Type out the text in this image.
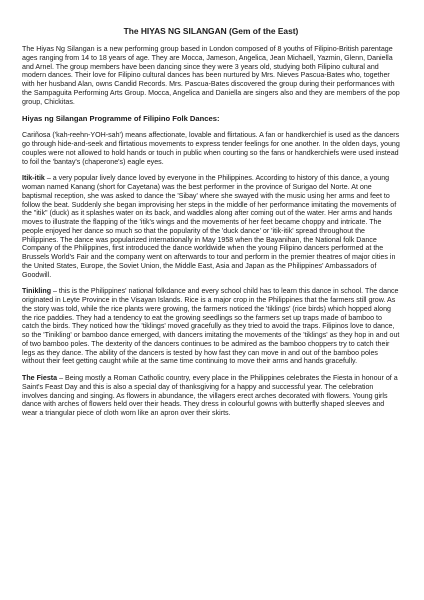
The HIYAS NG SILANGAN (Gem of the East)

The Hiyas Ng Silangan is a new performing group based in London composed of 8 youths of Filipino-British parentage ages ranging from 14 to 18 years of age. They are Mocca, Jameson, Angelica, Jean Michaell, Yazmin, Glenn, Daniella and Arnel. The group members have been dancing since they were 3 years old, studying both Filipino cultural and modern dances. Their love for Filipino cultural dances has been nurtured by Mrs. Nieves Pascua-Bates who, together with her husband Alan, owns Candid Records. Mrs. Pascua-Bates discovered the group during their performances with the Sampaguita Performing Arts Group. Mocca, Angelica and Daniella are singers also and they are members of the pop group, Chickitas.

Hiyas ng Silangan Programme of Filipino Folk Dances:

Cariñosa ('kah-reehn-YOH-sah') means affectionate, lovable and flirtatious. A fan or handkerchief is used as the dancers go through hide-and-seek and flirtatious movements to express tender feelings for one another. In the olden days, young couples were not allowed to hold hands or touch in public when courting so the fans or handkerchiefs were used instead to foil the 'bantay's (chaperone's) eagle eyes.

Itik-itik – a very popular lively dance loved by everyone in the Philippines. According to history of this dance, a young woman named Kanang (short for Cayetana) was the best performer in the province of Surigao del Norte. At one baptismal reception, she was asked to dance the 'Sibay' where she swayed with the music using her arms and feet to follow the beat. Suddenly she began improvising her steps in the middle of her performance imitating the movements of the "itik" (duck) as it splashes water on its back, and waddles along after coming out of the water. Her arms and hands moves to illustrate the flapping of the 'itik's wings and the movements of her feet became choppy and intricate. The people enjoyed her dance so much so that the popularity of the 'duck dance' or 'itik-itik' spread throughout the Philippines. The dance was popularized internationally in May 1958 when the Bayanihan, the National folk Dance Company of the Philippines, first introduced the dance worldwide when the young Filipino dancers performed at the Brussels World's Fair and the company went on afterwards to tour and perform in the premier theatres of major cities in the United States, Europe, the Soviet Union, the Middle East, Asia and Japan as the Philippines' Ambassadors of Goodwill.

Tinikling – this is the Philippines' national folkdance and every school child has to learn this dance in school. The dance originated in Leyte Province in the Visayan Islands. Rice is a major crop in the Philippines that the farmers still grow. As the story was told, while the rice plants were growing, the farmers noticed the 'tiklings' (rice birds) which hopped along the rice paddies. They had a tendency to eat the growing seedlings so the farmers set up traps made of bamboo to catch the birds. They noticed how the 'tiklings' moved gracefully as they tried to avoid the traps. Filipinos love to dance, so the 'Tinikling' or bamboo dance emerged, with dancers imitating the movements of the 'tiklings' as they hop in and out of two bamboo poles. The dexterity of the dancers continues to be admired as the bamboo choppers try to catch their legs as they dance. The ability of the dancers is tested by how fast they can move in and out of the bamboo poles without their feet getting caught while at the same time continuing to move their arms and hands gracefully.

The Fiesta – Being mostly a Roman Catholic country, every place in the Philippines celebrates the Fiesta in honour of a Saint's Feast Day and this is also a special day of thanksgiving for a happy and successful year. The celebration involves dancing and singing. As flowers in abundance, the villagers erect arches decorated with flowers. Young girls dance with arches of flowers held over their heads. They dress in colourful gowns with butterfly shaped sleeves and wear a triangular piece of cloth worn like an apron over their skirts.
